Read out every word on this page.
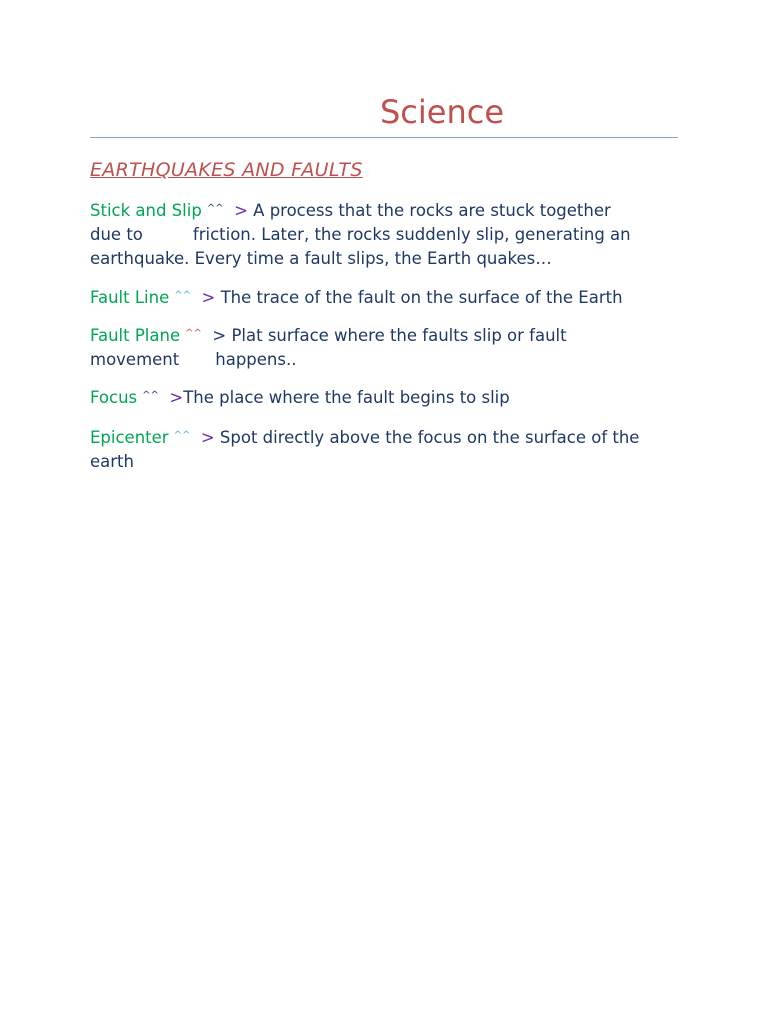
Science
EARTHQUAKES AND FAULTS

Stick and Slip ^^ > A process that the rocks are stuck together
due to	friction. Later, the rocks suddenly slip, generating an
earthquake. Every time a fault slips, the Earth quakes…

Fault Line ^^ > The trace of the fault on the surface of the Earth

Fault Plane ^^ > Plat surface where the faults slip or fault
movement happens..

Focus ^^ >The place where the fault begins to slip

Epicenter ^^ > Spot directly above the focus on the surface of the
earth
